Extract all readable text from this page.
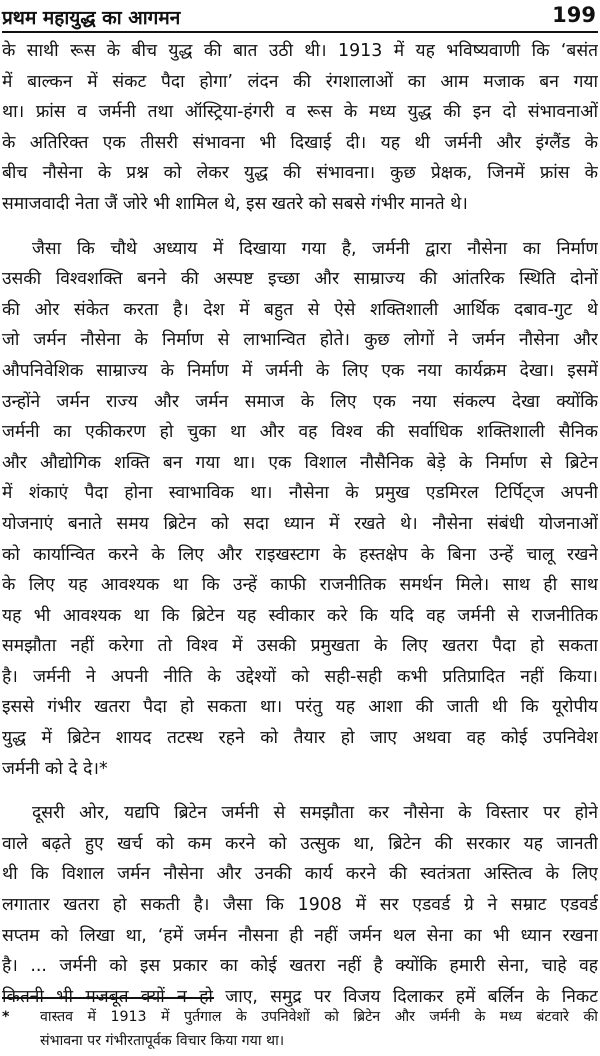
प्रथम महायुद्ध का आगमन	199
के साथी रूस के बीच युद्ध की बात उठी थी। 1913 में यह भविष्यवाणी कि ‘बसंत
में बाल्कन में संकट पैदा होगा’ लंदन की रंगशालाओं का आम मजाक बन गया
था। फ्रांस व जर्मनी तथा ऑस्ट्रिया-हंगरी व रूस के मध्य युद्ध की इन दो संभावनाओं
के अतिरिक्त एक तीसरी संभावना भी दिखाई दी। यह थी जर्मनी और इंग्लैंड के
बीच नौसेना के प्रश्न को लेकर युद्ध की संभावना। कुछ प्रेक्षक, जिनमें फ्रांस के
समाजवादी नेता जैं जोरे भी शामिल थे, इस खतरे को सबसे गंभीर मानते थे।
जैसा कि चौथे अध्याय में दिखाया गया है, जर्मनी द्वारा नौसेना का निर्माण
उसकी विश्वशक्ति बनने की अस्पष्ट इच्छा और साम्राज्य की आंतरिक स्थिति दोनों
की ओर संकेत करता है। देश में बहुत से ऐसे शक्तिशाली आर्थिक दबाव-गुट थे
जो जर्मन नौसेना के निर्माण से लाभान्वित होते। कुछ लोगों ने जर्मन नौसेना और
औपनिवेशिक साम्राज्य के निर्माण में जर्मनी के लिए एक नया कार्यक्रम देखा। इसमें
उन्होंने जर्मन राज्य और जर्मन समाज के लिए एक नया संकल्प देखा क्योंकि
जर्मनी का एकीकरण हो चुका था और वह विश्व की सर्वाधिक शक्तिशाली सैनिक
और औद्योगिक शक्ति बन गया था। एक विशाल नौसैनिक बेड़े के निर्माण से ब्रिटेन
में शंकाएं पैदा होना स्वाभाविक था। नौसेना के प्रमुख एडमिरल टिर्पिट्ज अपनी
योजनाएं बनाते समय ब्रिटेन को सदा ध्यान में रखते थे। नौसेना संबंधी योजनाओं
को कार्यान्वित करने के लिए और राइखस्टाग के हस्तक्षेप के बिना उन्हें चालू रखने
के लिए यह आवश्यक था कि उन्हें काफी राजनीतिक समर्थन मिले। साथ ही साथ
यह भी आवश्यक था कि ब्रिटेन यह स्वीकार करे कि यदि वह जर्मनी से राजनीतिक
समझौता नहीं करेगा तो विश्व में उसकी प्रमुखता के लिए खतरा पैदा हो सकता
है। जर्मनी ने अपनी नीति के उद्देश्यों को सही-सही कभी प्रतिप्रादित नहीं किया।
इससे गंभीर खतरा पैदा हो सकता था। परंतु यह आशा की जाती थी कि यूरोपीय
युद्ध में ब्रिटेन शायद तटस्थ रहने को तैयार हो जाए अथवा वह कोई उपनिवेश
जर्मनी को दे दे।*
दूसरी ओर, यद्यपि ब्रिटेन जर्मनी से समझौता कर नौसेना के विस्तार पर होने
वाले बढ़ते हुए खर्च को कम करने को उत्सुक था, ब्रिटेन की सरकार यह जानती
थी कि विशाल जर्मन नौसेना और उनकी कार्य करने की स्वतंत्रता अस्तित्व के लिए
लगातार खतरा हो सकती है। जैसा कि 1908 में सर एडवर्ड ग्रे ने सम्राट एडवर्ड
सप्तम को लिखा था, ‘हमें जर्मन नौसना ही नहीं जर्मन थल सेना का भी ध्यान रखना
है। ... जर्मनी को इस प्रकार का कोई खतरा नहीं है क्योंकि हमारी सेना, चाहे वह
कितनी भी मजबूत क्यों न हो जाए, समुद्र पर विजय दिलाकर हमें बर्लिन के निकट
* वास्तव में 1913 में पुर्तगाल के उपनिवेशों को ब्रिटेन और जर्मनी के मध्य बंटवारे की
संभावना पर गंभीरतापूर्वक विचार किया गया था।
